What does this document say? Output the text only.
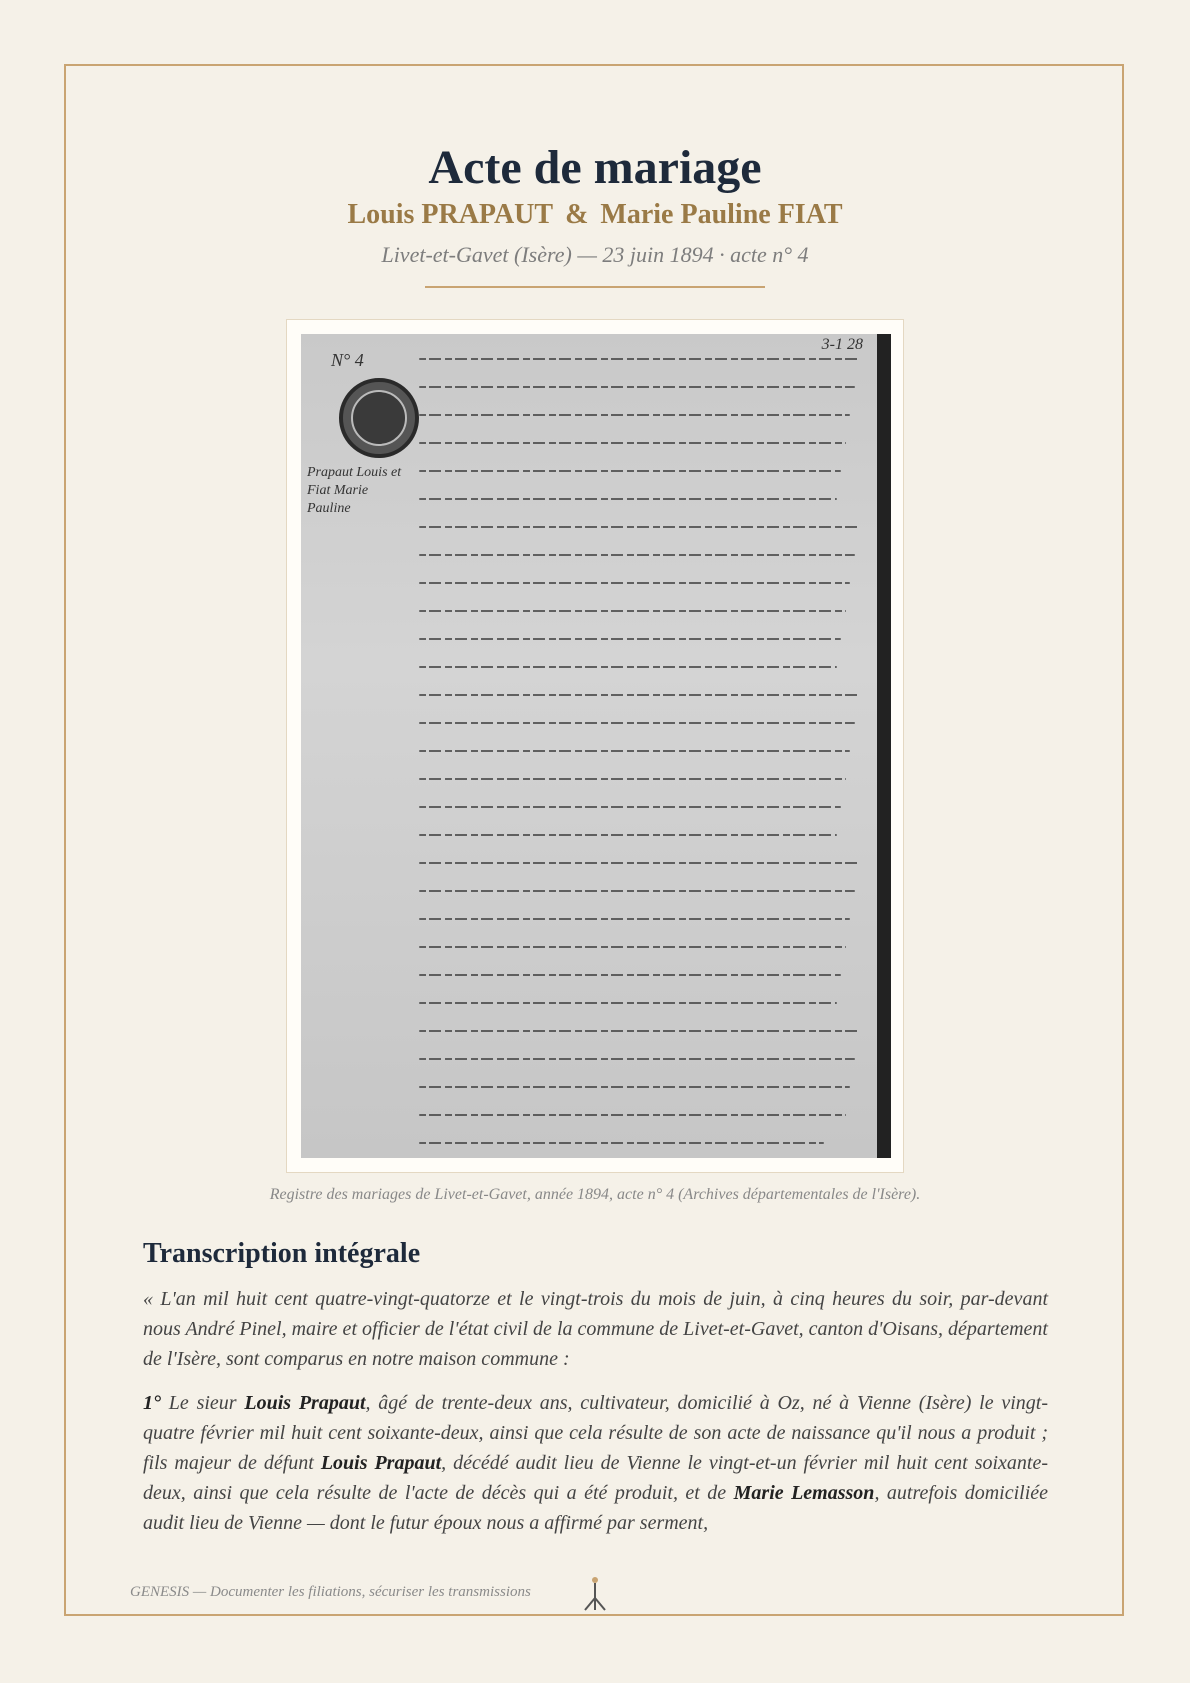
Acte de mariage

Louis PRAPAUT & Marie Pauline FIAT

Livet-et-Gavet (Isère) — 23 juin 1894 · acte n° 4

3-1 28
N° 4
Prapaut Louis et Fiat Marie Pauline
Registre des mariages de Livet-et-Gavet, année 1894, acte n° 4 (Archives départementales de l'Isère).
Transcription intégrale

« L'an mil huit cent quatre-vingt-quatorze et le vingt-trois du mois de juin, à cinq heures du soir, par-devant nous André Pinel, maire et officier de l'état civil de la commune de Livet-et-Gavet, canton d'Oisans, département de l'Isère, sont comparus en notre maison commune :

1° Le sieur Louis Prapaut, âgé de trente-deux ans, cultivateur, domicilié à Oz, né à Vienne (Isère) le vingt-quatre février mil huit cent soixante-deux, ainsi que cela résulte de son acte de naissance qu'il nous a produit ; fils majeur de défunt Louis Prapaut, décédé audit lieu de Vienne le vingt-et-un février mil huit cent soixante-deux, ainsi que cela résulte de l'acte de décès qui a été produit, et de Marie Lemasson, autrefois domiciliée audit lieu de Vienne — dont le futur époux nous a affirmé par serment,

GENESIS — Documenter les filiations, sécuriser les transmissions
